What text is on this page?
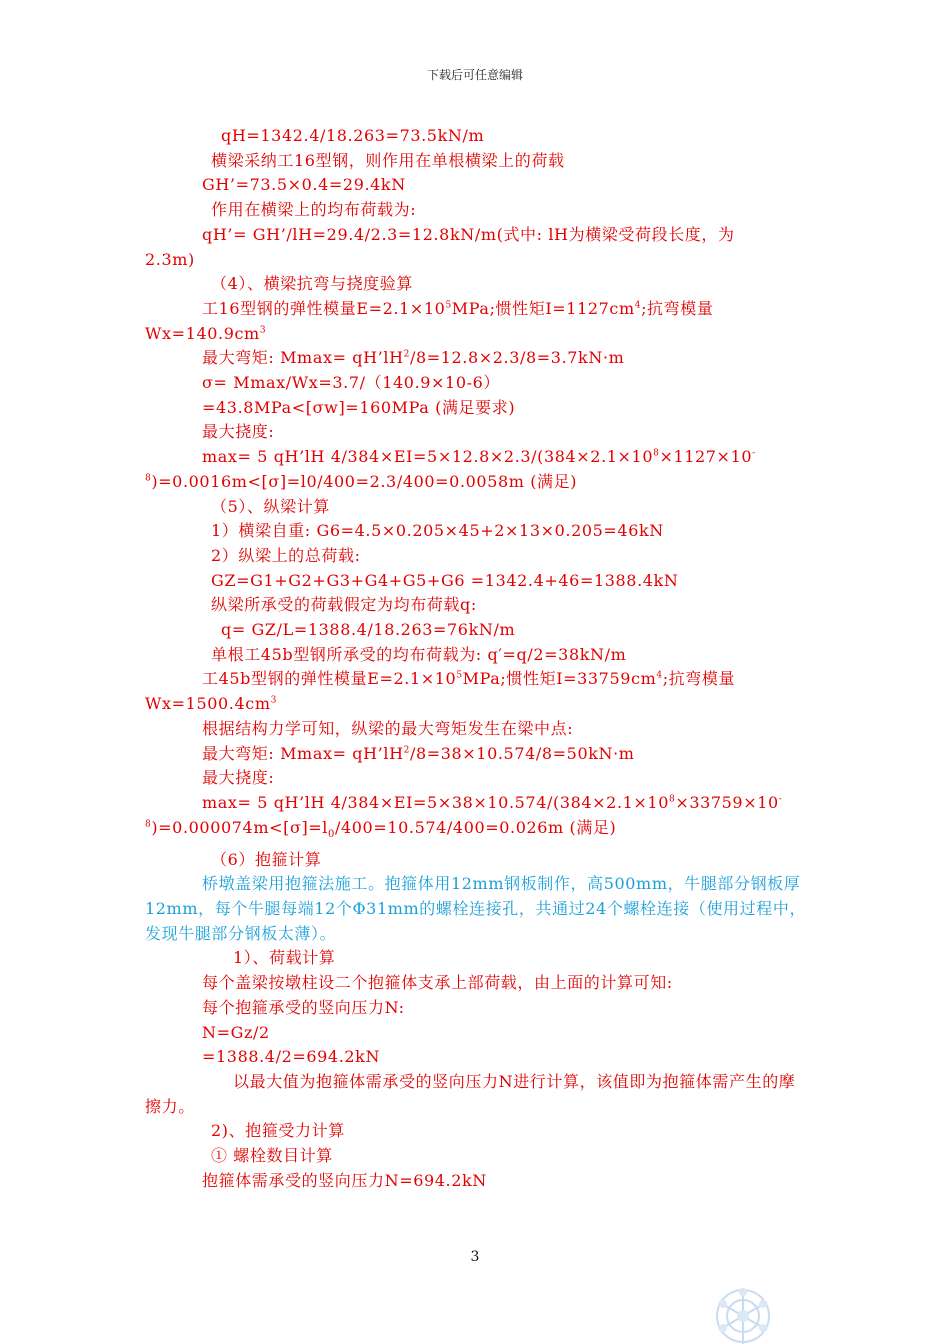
下载后可任意编辑
qH=1342.4/18.263=73.5kN/m
横梁采纳工16型钢，则作用在单根横梁上的荷载
GH’=73.5×0.4=29.4kN
作用在横梁上的均布荷载为:
qH’= GH’/lH=29.4/2.3=12.8kN/m(式中: lH为横梁受荷段长度，为
2.3m)
（4）、横梁抗弯与挠度验算
工16型钢的弹性模量$E=2.1\times 10^5MPa$;惯性矩$I=1127cm^4$;抗弯模量
$Wx=140.9cm^3$
最大弯矩: $Mmax= qH’lH^2/8=12.8\times 2.3/8=3.7kN\cdot m$
σ= Mmax/Wx=3.7/（140.9×10-6）
=43.8MPa<[σw]=160MPa (满足要求)
最大挠度:
max= 5 qH’lH $4/384\times EI=5\times 12.8\times 2.3/(384\times 2.1\times 10^8\times 1127\times 10^-$
$^8$)=0.0016m<[σ]=l0/400=2.3/400=0.0058m (满足)
（5）、纵梁计算
1）横梁自重: G6=4.5×0.205×45+2×13×0.205=46kN
2）纵梁上的总荷载:
GZ=G1+G2+G3+G4+G5+G6 =1342.4+46=1388.4kN
纵梁所承受的荷载假定为均布荷载q:
q= GZ/L=1388.4/18.263=76kN/m
单根工45b型钢所承受的均布荷载为: q′=q/2=38kN/m
工45b型钢的弹性模量$E=2.1\times 10^5MPa$;惯性矩$I=33759cm^4$;抗弯模量
$Wx=1500.4cm^3$
根据结构力学可知，纵梁的最大弯矩发生在梁中点:
最大弯矩: $Mmax= qH’lH^2/8=38\times 10.574/8=50kN\cdot m$
最大挠度:
max= 5 qH’lH $4/384\times EI=5\times 38\times 10.574/(384\times 2.1\times 10^8\times 33759\times 10^-$
$^8)=0.000074m<[\sigma]=l_0/400=10.574/400=0.026m$ (满足)
（6）抱箍计算
桥墩盖梁用抱箍法施工。抱箍体用12mm钢板制作，高500mm，牛腿部分钢板厚12mm，每个牛腿每端12个Φ31mm的螺栓连接孔，共通过24个螺栓连接（使用过程中，发现牛腿部分钢板太薄）。
1）、荷载计算
每个盖梁按墩柱设二个抱箍体支承上部荷载，由上面的计算可知:
每个抱箍承受的竖向压力N:
N=Gz/2
=1388.4/2=694.2kN
以最大值为抱箍体需承受的竖向压力N进行计算，该值即为抱箍体需产生的摩擦力。
2)、抱箍受力计算
① 螺栓数目计算
抱箍体需承受的竖向压力N=694.2kN
3
